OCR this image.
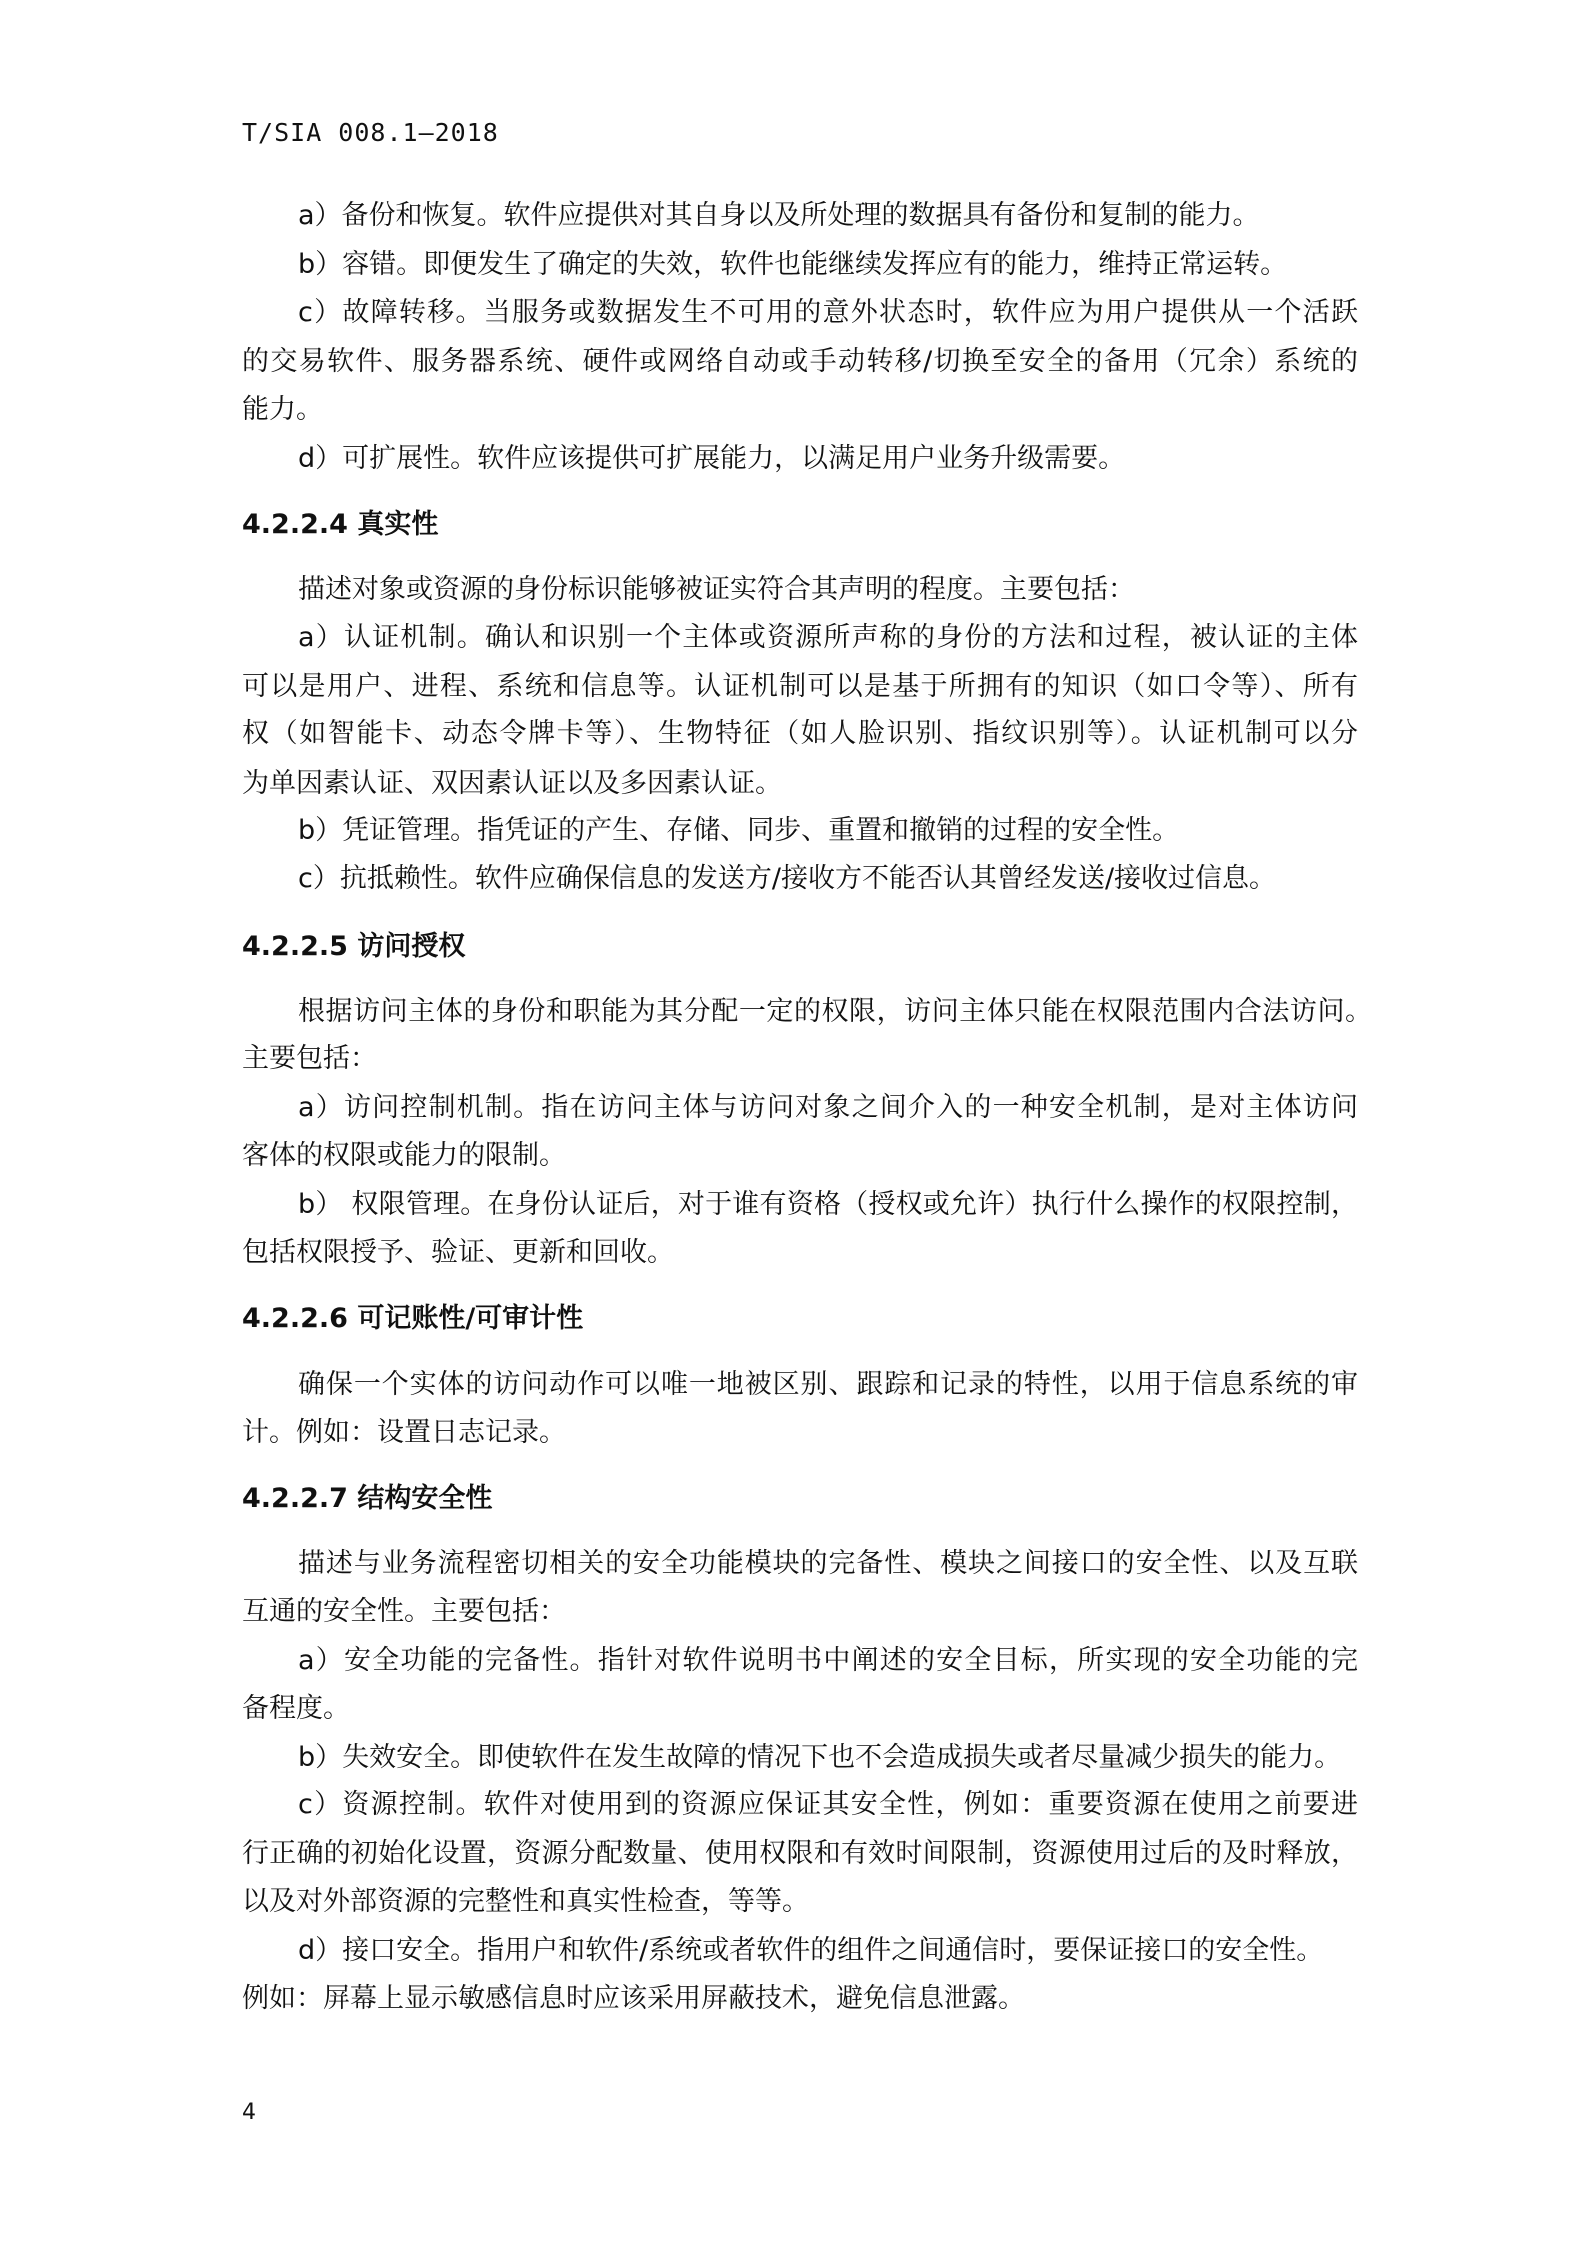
T/SIA 008.1—2018
a）备份和恢复。软件应提供对其自身以及所处理的数据具有备份和复制的能力。
b）容错。即便发生了确定的失效，软件也能继续发挥应有的能力，维持正常运转。
c）故障转移。当服务或数据发生不可用的意外状态时，软件应为用户提供从一个活跃
的交易软件、服务器系统、硬件或网络自动或手动转移/切换至安全的备用（冗余）系统的
能力。
d）可扩展性。软件应该提供可扩展能力，以满足用户业务升级需要。
4.2.2.4 真实性
描述对象或资源的身份标识能够被证实符合其声明的程度。主要包括：
a）认证机制。确认和识别一个主体或资源所声称的身份的方法和过程，被认证的主体
可以是用户、进程、系统和信息等。认证机制可以是基于所拥有的知识（如口令等）、所有
权（如智能卡、动态令牌卡等）、生物特征（如人脸识别、指纹识别等）。认证机制可以分
为单因素认证、双因素认证以及多因素认证。
b）凭证管理。指凭证的产生、存储、同步、重置和撤销的过程的安全性。
c）抗抵赖性。软件应确保信息的发送方/接收方不能否认其曾经发送/接收过信息。
4.2.2.5 访问授权
根据访问主体的身份和职能为其分配一定的权限，访问主体只能在权限范围内合法访问。
主要包括：
a）访问控制机制。指在访问主体与访问对象之间介入的一种安全机制，是对主体访问
客体的权限或能力的限制。
b） 权限管理。在身份认证后，对于谁有资格（授权或允许）执行什么操作的权限控制，
包括权限授予、验证、更新和回收。
4.2.2.6 可记账性/可审计性
确保一个实体的访问动作可以唯一地被区别、跟踪和记录的特性，以用于信息系统的审
计。例如：设置日志记录。
4.2.2.7 结构安全性
描述与业务流程密切相关的安全功能模块的完备性、模块之间接口的安全性、以及互联
互通的安全性。主要包括：
a）安全功能的完备性。指针对软件说明书中阐述的安全目标，所实现的安全功能的完
备程度。
b）失效安全。即使软件在发生故障的情况下也不会造成损失或者尽量减少损失的能力。
c）资源控制。软件对使用到的资源应保证其安全性，例如：重要资源在使用之前要进
行正确的初始化设置，资源分配数量、使用权限和有效时间限制，资源使用过后的及时释放，
以及对外部资源的完整性和真实性检查，等等。
d）接口安全。指用户和软件/系统或者软件的组件之间通信时，要保证接口的安全性。
例如：屏幕上显示敏感信息时应该采用屏蔽技术，避免信息泄露。
4
